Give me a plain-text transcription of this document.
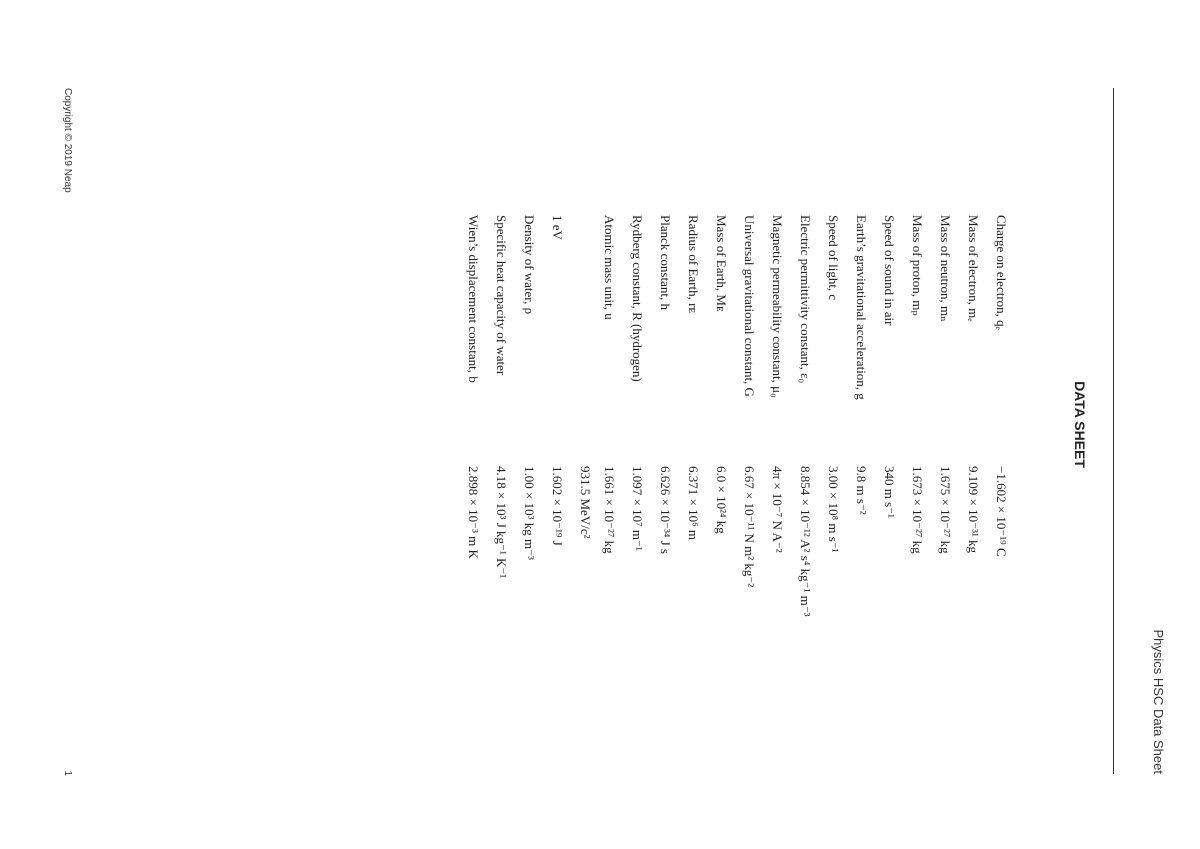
Physics HSC Data Sheet
DATA SHEET
Charge on electron, qₑ
−1.602 × 10⁻¹⁹ C
Mass of electron, mₑ
9.109 × 10⁻³¹ kg
Mass of neutron, mₙ
1.675 × 10⁻²⁷ kg
Mass of proton, mₚ
1.673 × 10⁻²⁷ kg
Speed of sound in air
340 m s⁻¹
Earth’s gravitational acceleration, g
9.8 m s⁻²
Speed of light, c
3.00 × 10⁸ m s⁻¹
Electric permittivity constant, ε₀
8.854 × 10⁻¹² A² s⁴ kg⁻¹ m⁻³
Magnetic permeability constant, μ₀
4π × 10⁻⁷ N A⁻²
Universal gravitational constant, G
6.67 × 10⁻¹¹ N m² kg⁻²
Mass of Earth, Mᴇ
6.0 × 10²⁴ kg
Radius of Earth, rᴇ
6.371 × 10⁶ m
Planck constant, h
6.626 × 10⁻³⁴ J s
Rydberg constant, R (hydrogen)
1.097 × 10⁷ m⁻¹
Atomic mass unit, u
1.661 × 10⁻²⁷ kg
931.5 MeV/c²
1 eV
1.602 × 10⁻¹⁹ J
Density of water, ρ
1.00 × 10³ kg m⁻³
Specific heat capacity of water
4.18 × 10³ J kg⁻¹ K⁻¹
Wien’s displacement constant, b
2.898 × 10⁻³ m K
Copyright © 2019 Neap
1
